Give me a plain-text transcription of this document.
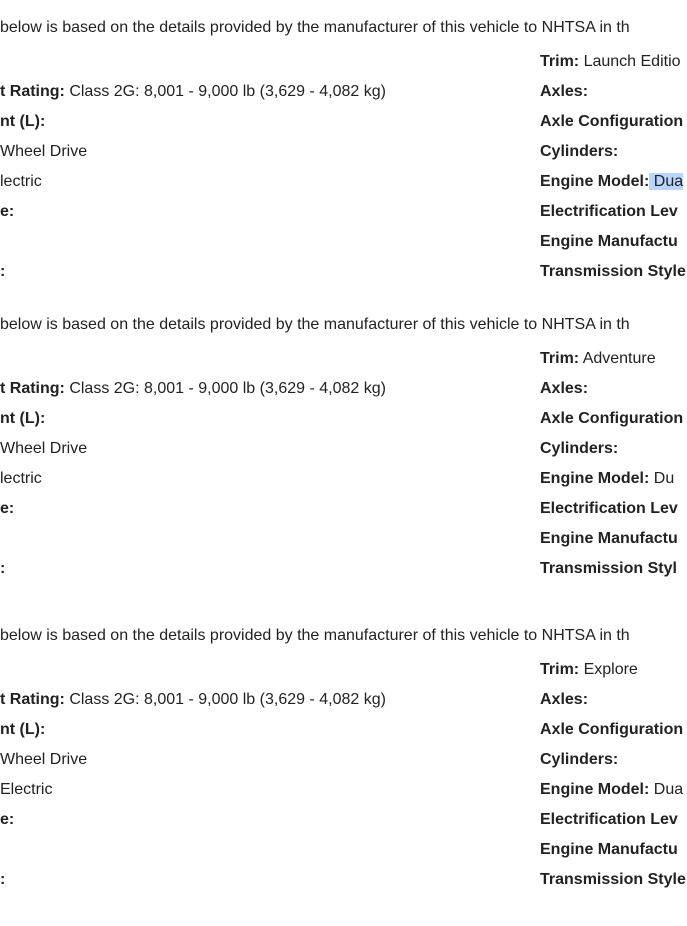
below is based on the details provided by the manufacturer of this vehicle to NHTSA in th
t Rating: Class 2G: 8,001 - 9,000 lb (3,629 - 4,082 kg)
nt (L):
Wheel Drive
lectric
e:
:
Trim: Launch Editio
Axles:
Axle Configuration
Cylinders:
Engine Model: Dua
Electrification Lev
Engine Manufactu
Transmission Style
below is based on the details provided by the manufacturer of this vehicle to NHTSA in th
t Rating: Class 2G: 8,001 - 9,000 lb (3,629 - 4,082 kg)
nt (L):
Wheel Drive
lectric
e:
:
Trim: Adventure
Axles:
Axle Configuration
Cylinders:
Engine Model: Du
Electrification Lev
Engine Manufactu
Transmission Styl
below is based on the details provided by the manufacturer of this vehicle to NHTSA in th
t Rating: Class 2G: 8,001 - 9,000 lb (3,629 - 4,082 kg)
nt (L):
Wheel Drive
Electric
e:
:
Trim: Explore
Axles:
Axle Configuration
Cylinders:
Engine Model: Dua
Electrification Lev
Engine Manufactu
Transmission Style
